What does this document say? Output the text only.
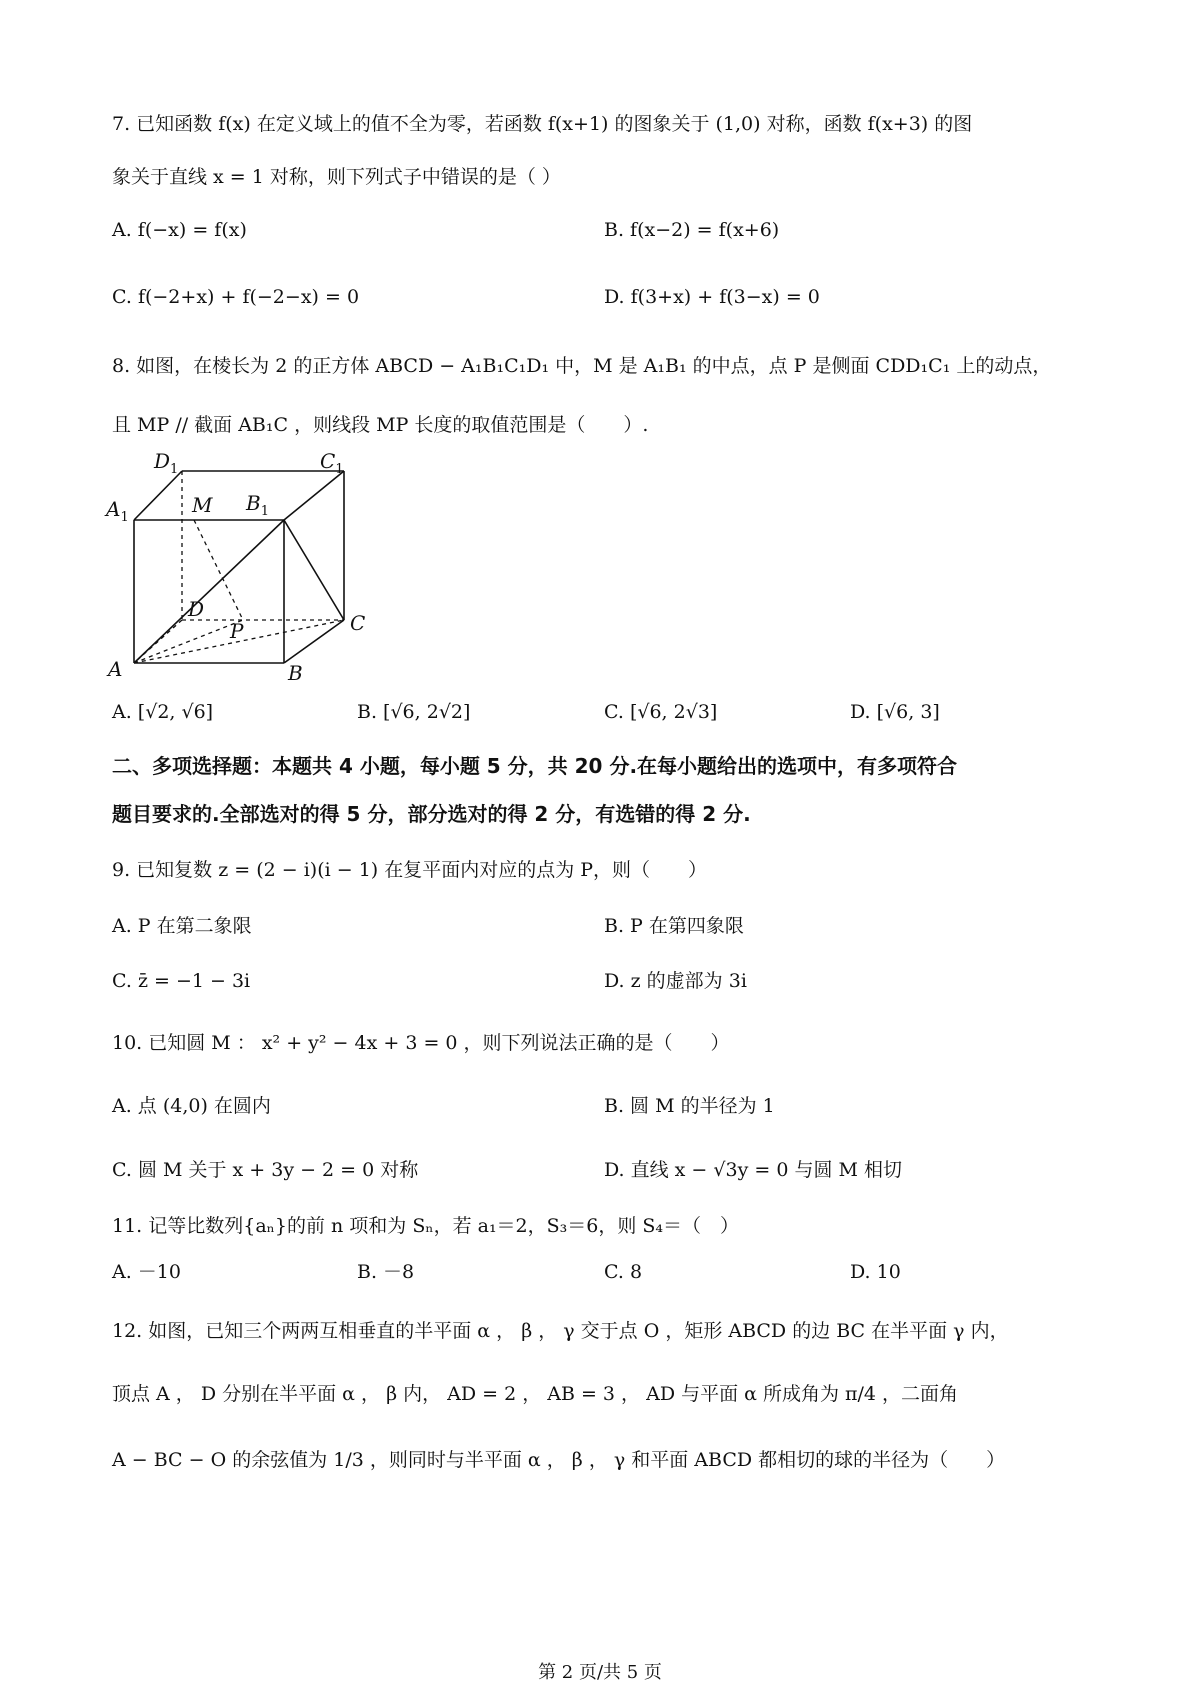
7. 已知函数 f(x) 在定义域上的值不全为零，若函数 f(x+1) 的图象关于 (1,0) 对称，函数 f(x+3) 的图
象关于直线 x = 1 对称，则下列式子中错误的是（ ）
A. f(−x) = f(x)	B. f(x−2) = f(x+6)
C. f(−2+x) + f(−2−x) = 0	D. f(3+x) + f(3−x) = 0
8. 如图，在棱长为 2 的正方体 ABCD − A₁B₁C₁D₁ 中，M 是 A₁B₁ 的中点，点 P 是侧面 CDD₁C₁ 上的动点，
且 MP // 截面 AB₁C ，则线段 MP 长度的取值范围是（　　）.
$D_1$	$C_1$
$A_1$
$B_1$
M
D
P	C
A	B
A. [√2, √6]	B. [√6, 2√2]	C. [√6, 2√3]	D. [√6, 3]
二、多项选择题：本题共 4 小题，每小题 5 分，共 20 分.在每小题给出的选项中，有多项符合
题目要求的.全部选对的得 5 分，部分选对的得 2 分，有选错的得 2 分.
9. 已知复数 z = (2 − i)(i − 1) 在复平面内对应的点为 P，则（　　）
A. P 在第二象限	B. P 在第四象限
C. z̄ = −1 − 3i	D. z 的虚部为 3i
10. 已知圆 M ： x² + y² − 4x + 3 = 0 ，则下列说法正确的是（　　）
A. 点 (4,0) 在圆内	B. 圆 M 的半径为 1
C. 圆 M 关于 x + 3y − 2 = 0 对称	D. 直线 x − √3y = 0 与圆 M 相切
11. 记等比数列{aₙ}的前 n 项和为 Sₙ，若 a₁＝2，S₃＝6，则 S₄＝（　）
A. －10	B. －8	C. 8	D. 10
12. 如图，已知三个两两互相垂直的半平面 α ， β ， γ 交于点 O ，矩形 ABCD 的边 BC 在半平面 γ 内，
顶点 A ， D 分别在半平面 α ， β 内， AD = 2 ， AB = 3 ， AD 与平面 α 所成角为 π/4 ，二面角
A − BC − O 的余弦值为 1/3 ，则同时与半平面 α ， β ， γ 和平面 ABCD 都相切的球的半径为（　　）
第 2 页/共 5 页
